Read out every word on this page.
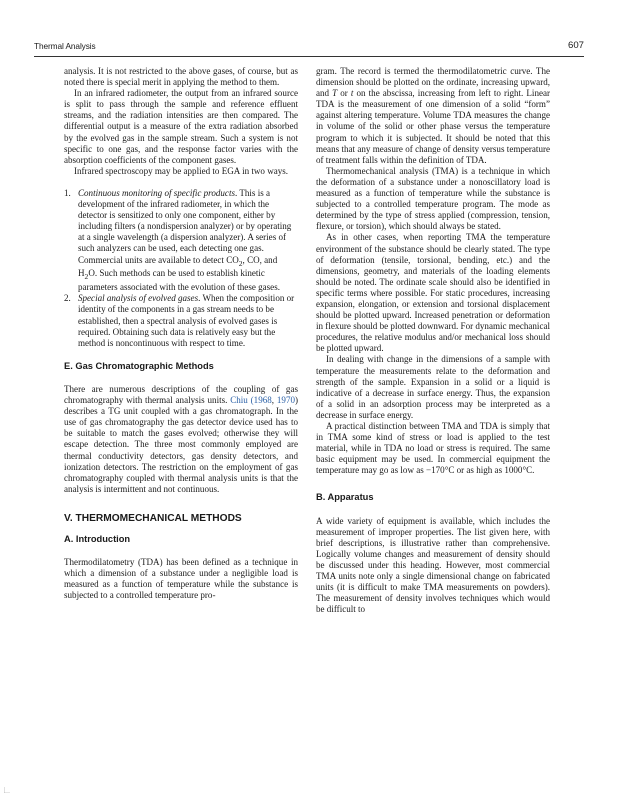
Thermal Analysis	607

analysis. It is not restricted to the above gases, of course, but as noted there is special merit in applying the method to them.

In an infrared radiometer, the output from an infrared source is split to pass through the sample and reference effluent streams, and the radiation intensities are then compared. The differential output is a measure of the extra radiation absorbed by the evolved gas in the sample stream. Such a system is not specific to one gas, and the response factor varies with the absorption coefficients of the component gases.

Infrared spectroscopy may be applied to EGA in two ways.

1. Continuous monitoring of specific products. This is a development of the infrared radiometer, in which the detector is sensitized to only one component, either by including filters (a nondispersion analyzer) or by operating at a single wavelength (a dispersion analyzer). A series of such analyzers can be used, each detecting one gas. Commercial units are available to detect $CO_2$, CO, and $H_2O$. Such methods can be used to establish kinetic parameters associated with the evolution of these gases.
2. Special analysis of evolved gases. When the composition or identity of the components in a gas stream needs to be established, then a spectral analysis of evolved gases is required. Obtaining such data is relatively easy but the method is noncontinuous with respect to time.
E. Gas Chromatographic Methods

There are numerous descriptions of the coupling of gas chromatography with thermal analysis units. Chiu (1968, 1970) describes a TG unit coupled with a gas chromatograph. In the use of gas chromatography the gas detector device used has to be suitable to match the gases evolved; otherwise they will escape detection. The three most commonly employed are thermal conductivity detectors, gas density detectors, and ionization detectors. The restriction on the employment of gas chromatography coupled with thermal analysis units is that the analysis is intermittent and not continuous.

V. THERMOMECHANICAL METHODS
A. Introduction

Thermodilatometry (TDA) has been defined as a technique in which a dimension of a substance under a negligible load is measured as a function of temperature while the substance is subjected to a controlled temperature pro-

gram. The record is termed the thermodilatometric curve. The dimension should be plotted on the ordinate, increasing upward, and T or t on the abscissa, increasing from left to right. Linear TDA is the measurement of one dimension of a solid “form” against altering temperature. Volume TDA measures the change in volume of the solid or other phase versus the temperature program to which it is subjected. It should be noted that this means that any measure of change of density versus temperature of treatment falls within the definition of TDA.

Thermomechanical analysis (TMA) is a technique in which the deformation of a substance under a nonoscillatory load is measured as a function of temperature while the substance is subjected to a controlled temperature program. The mode as determined by the type of stress applied (compression, tension, flexure, or torsion), which should always be stated.

As in other cases, when reporting TMA the temperature environment of the substance should be clearly stated. The type of deformation (tensile, torsional, bending, etc.) and the dimensions, geometry, and materials of the loading elements should be noted. The ordinate scale should also be identified in specific terms where possible. For static procedures, increasing expansion, elongation, or extension and torsional displacement should be plotted upward. Increased penetration or deformation in flexure should be plotted downward. For dynamic mechanical procedures, the relative modulus and/or mechanical loss should be plotted upward.

In dealing with change in the dimensions of a sample with temperature the measurements relate to the deformation and strength of the sample. Expansion in a solid or a liquid is indicative of a decrease in surface energy. Thus, the expansion of a solid in an adsorption process may be interpreted as a decrease in surface energy.

A practical distinction between TMA and TDA is simply that in TMA some kind of stress or load is applied to the test material, while in TDA no load or stress is required. The same basic equipment may be used. In commercial equipment the temperature may go as low as −170°C or as high as 1000°C.

B. Apparatus

A wide variety of equipment is available, which includes the measurement of improper properties. The list given here, with brief descriptions, is illustrative rather than comprehensive. Logically volume changes and measurement of density should be discussed under this heading. However, most commercial TMA units note only a single dimensional change on fabricated units (it is difficult to make TMA measurements on powders). The measurement of density involves techniques which would be difficult to
